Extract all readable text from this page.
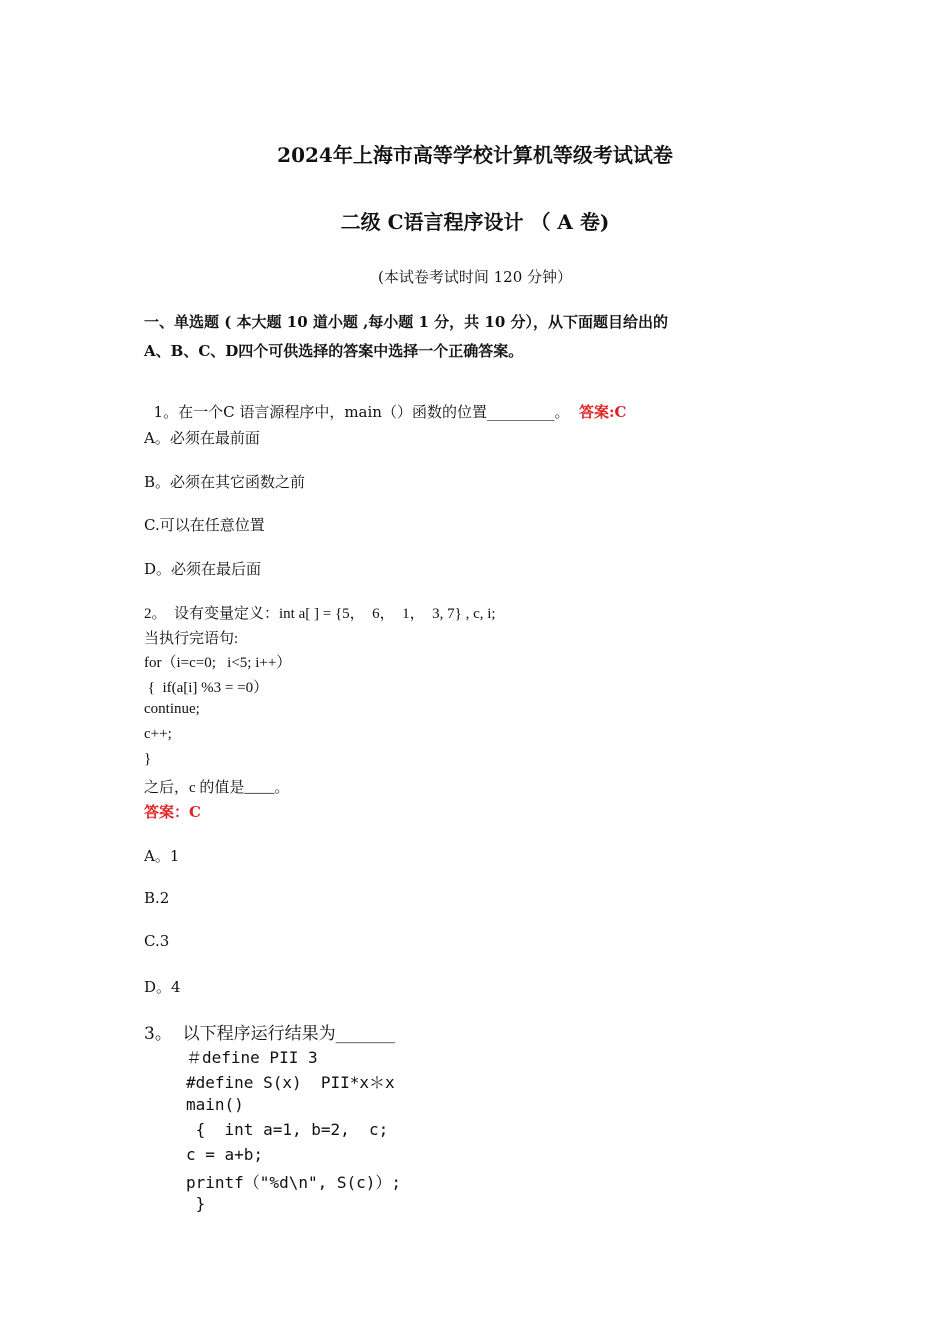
2024年上海市高等学校计算机等级考试试卷
二级 C语言程序设计 （ A 卷)
(本试卷考试时间 120 分钟）
一、单选题 ( 本大题 10 道小题 ,每小题 1 分，共 10 分），从下面题目给出的
A、B、C、D四个可供选择的答案中选择一个正确答案。

1。在一个C 语言源程序中，main（）函数的位置_________。 答案:C

A。必须在最前面
B。必须在其它函数之前
C.可以在任意位置
D。必须在最后面
2。  设有变量定义：int a[ ] = {5，  6，  1，  3, 7} , c, i;
当执行完语句:
for（i=c=0;   i<5; i++）
{  if(a[i] %3 = =0）
continue;
c++;
}
之后，c 的值是____。
答案：C
A。1
B.2
C.3
D。4
3。  以下程序运行结果为_______
＃define PII 3
#define S(x)  PII*x＊x
main()
{  int a=1, b=2,  c;
c = a+b;
printf（"%d\n", S(c)）;
}
